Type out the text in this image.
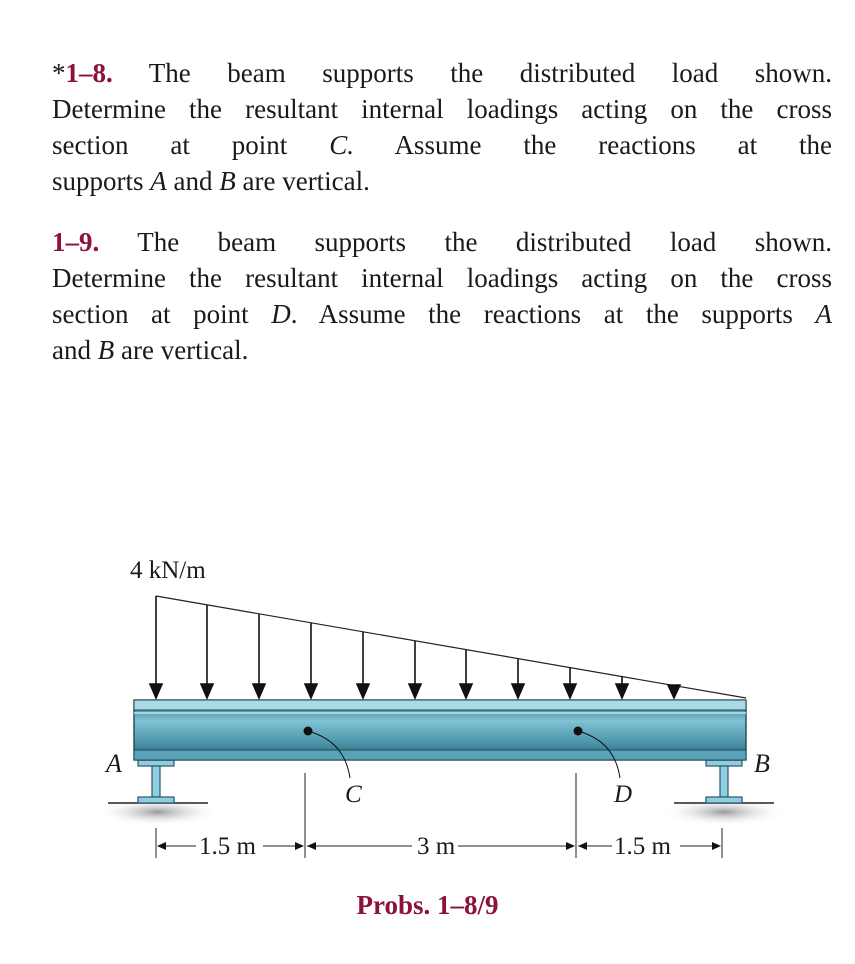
*1–8. The beam supports the distributed load shown.

Determine the resultant internal loadings acting on the cross

section at point C. Assume the reactions at the

supports A and B are vertical.

1–9. The beam supports the distributed load shown.

Determine the resultant internal loadings acting on the cross

section at point D. Assume the reactions at the supports A

and B are vertical.

4 kN/m
C	D
A	B
1.5 m	3 m	1.5 m
Probs. 1–8/9
